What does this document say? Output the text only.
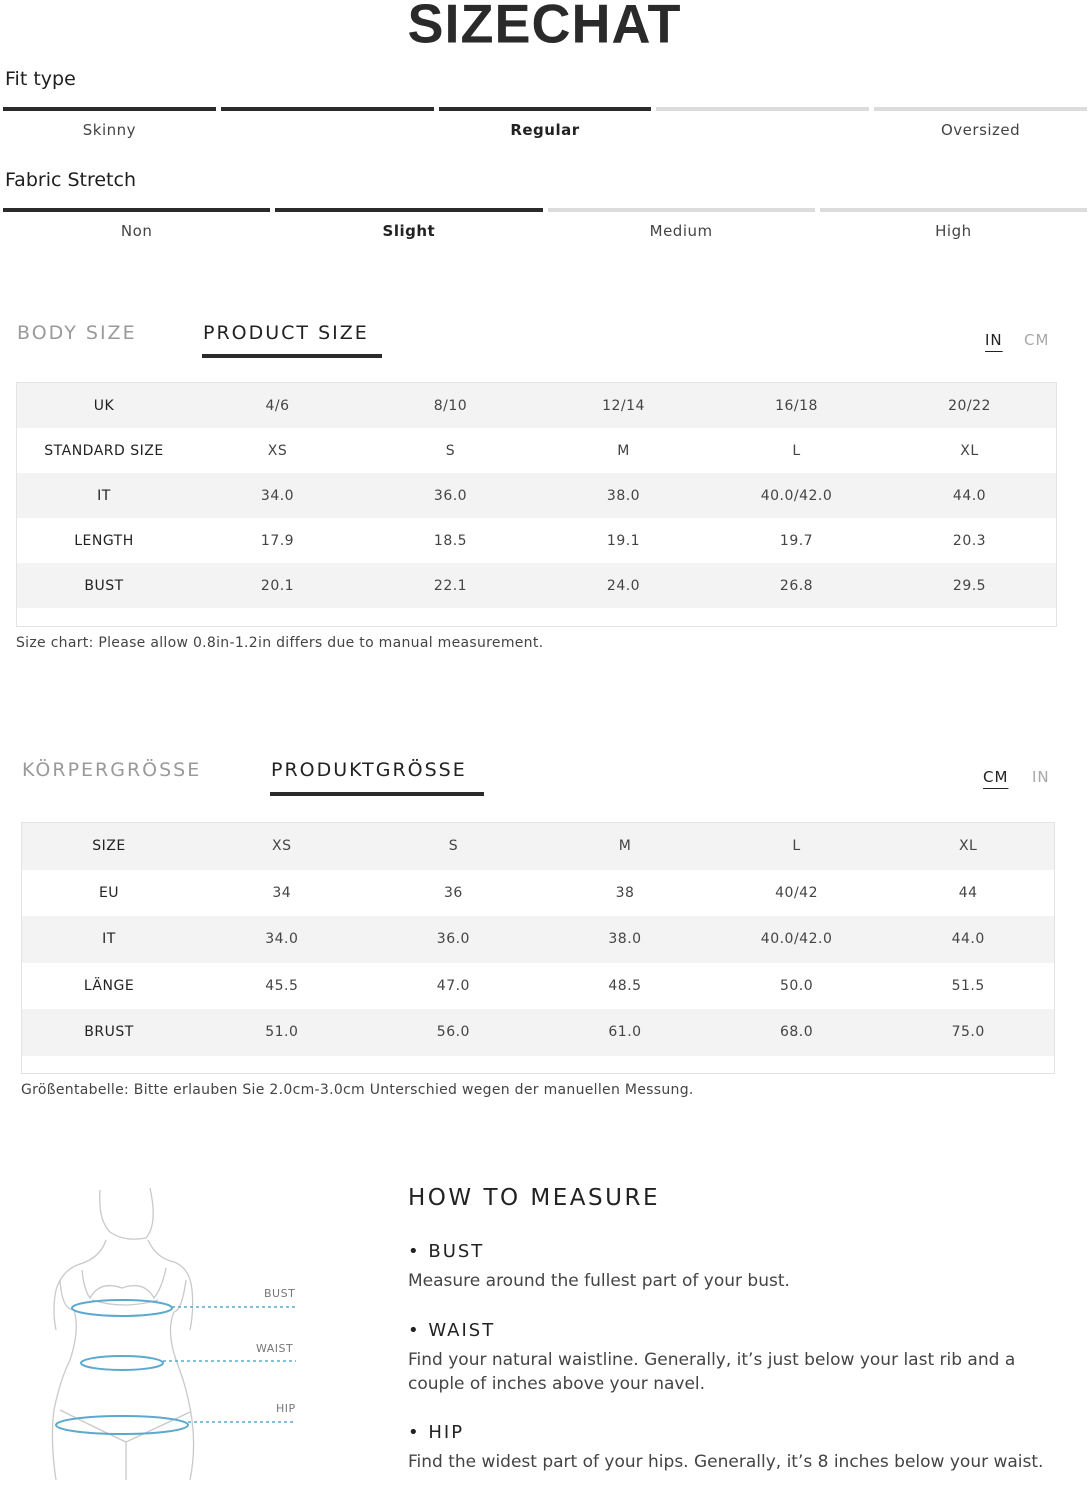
SIZECHAT
Fit type
Skinny	Regular	Oversized
Fabric Stretch
Non	Slight	Medium	High
BODY SIZE	PRODUCT SIZE	IN CM
UK	4/6	8/10	12/14	16/18	20/22
STANDARD SIZE	XS	S	M	L	XL
IT	34.0	36.0	38.0	40.0/42.0	44.0
LENGTH	17.9	18.5	19.1	19.7	20.3
BUST	20.1	22.1	24.0	26.8	29.5
Size chart: Please allow 0.8in-1.2in differs due to manual measurement.
KÖRPERGRÖSSE	PRODUKTGRÖSSE	CM IN
SIZE	XS	S	M	L	XL
EU	34	36	38	40/42	44
IT	34.0	36.0	38.0	40.0/42.0	44.0
LÄNGE	45.5	47.0	48.5	50.0	51.5
BRUST	51.0	56.0	61.0	68.0	75.0
Größentabelle: Bitte erlauben Sie 2.0cm-3.0cm Unterschied wegen der manuellen Messung.
BUST
WAIST
HIP
HOW TO MEASURE
• BUST
Measure around the fullest part of your bust.
• WAIST
Find your natural waistline. Generally, it’s just below your last rib and a couple of inches above your navel.
• HIP
Find the widest part of your hips. Generally, it’s 8 inches below your waist.
